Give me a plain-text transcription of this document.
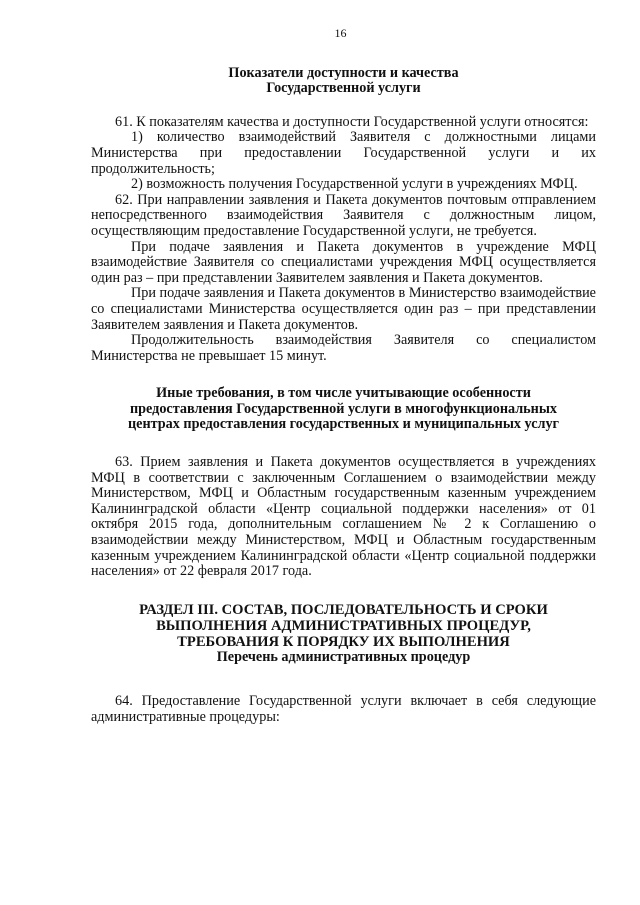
16

Показатели доступности и качества
Государственной услуги

61. К показателям качества и доступности Государственной услуги относятся:

1) количество взаимодействий Заявителя с должностными лицами Министерства при предоставлении Государственной услуги и их продолжительность;

2) возможность получения Государственной услуги в учреждениях МФЦ.

62. При направлении заявления и Пакета документов почтовым отправлением непосредственного взаимодействия Заявителя с должностным лицом, осуществляющим предоставление Государственной услуги, не требуется.

При подаче заявления и Пакета документов в учреждение МФЦ взаимодействие Заявителя со специалистами учреждения МФЦ осуществляется один раз – при представлении Заявителем заявления и Пакета документов.

При подаче заявления и Пакета документов в Министерство взаимодействие со специалистами Министерства осуществляется один раз – при представлении Заявителем заявления и Пакета документов.

Продолжительность взаимодействия Заявителя со специалистом Министерства не превышает 15 минут.

Иные требования, в том числе учитывающие особенности
предоставления Государственной услуги в многофункциональных
центрах предоставления государственных и муниципальных услуг

63. Прием заявления и Пакета документов осуществляется в учреждениях МФЦ в соответствии с заключенным Соглашением о взаимодействии между Министерством, МФЦ и Областным государственным казенным учреждением Калининградской области «Центр социальной поддержки населения» от 01 октября 2015 года, дополнительным соглашением № 2 к Соглашению о взаимодействии между Министерством, МФЦ и Областным государственным казенным учреждением Калининградской области «Центр социальной поддержки населения» от 22 февраля 2017 года.

РАЗДЕЛ III. СОСТАВ, ПОСЛЕДОВАТЕЛЬНОСТЬ И СРОКИ

ВЫПОЛНЕНИЯ АДМИНИСТРАТИВНЫХ ПРОЦЕДУР,

ТРЕБОВАНИЯ К ПОРЯДКУ ИХ ВЫПОЛНЕНИЯ

Перечень административных процедур

64. Предоставление Государственной услуги включает в себя следующие административные процедуры:
